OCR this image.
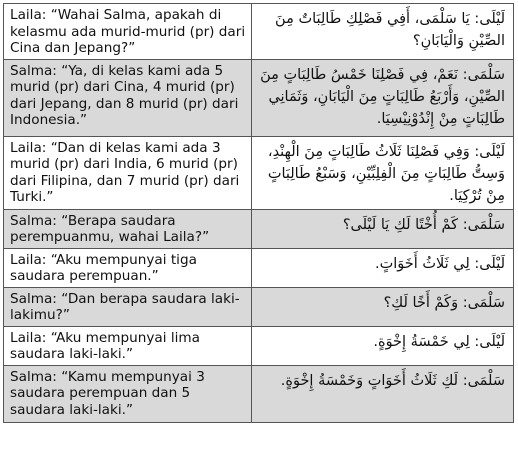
Laila: “Wahai Salma, apakah di kelasmu ada murid-murid (pr) dari Cina dan Jepang?”	لَيْلَى: يَا سَلْمَى، أَفِي فَصْلِكِ طَالِبَاتٌ مِنَ الصِّيْنِ وَالْيَابَانِ؟
Salma: “Ya, di kelas kami ada 5 murid (pr) dari Cina, 4 murid (pr) dari Jepang, dan 8 murid (pr) dari Indonesia.”	سَلْمَى: نَعَمْ، فِي فَصْلِنَا خَمْسُ طَالِبَاتٍ مِنَ الصِّيْنِ، وَأَرْبَعُ طَالِبَاتٍ مِنَ الْيَابَانِ، وَثَمَانِي طَالِبَاتٍ مِنْ إِنْدُوْنِيْسِيَا.
Laila: “Dan di kelas kami ada 3 murid (pr) dari India, 6 murid (pr) dari Filipina, dan 7 murid (pr) dari Turki.”	لَيْلَى: وَفِي فَصْلِنَا ثَلَاثُ طَالِبَاتٍ مِنَ الْهِنْدِ، وَسِتُّ طَالِبَاتٍ مِنَ الْفِلِبِّيْنِ، وَسَبْعُ طَالِبَاتٍ مِنْ تُرْكِيَا.
Salma: “Berapa saudara perempuanmu, wahai Laila?”	سَلْمَى: كَمْ أُخْتًا لَكِ يَا لَيْلَى؟
Laila: “Aku mempunyai tiga saudara perempuan.”	لَيْلَى: لِي ثَلَاثُ أَخَوَاتٍ.
Salma: “Dan berapa saudara laki-lakimu?”	سَلْمَى: وَكَمْ أَخًا لَكِ؟
Laila: “Aku mempunyai lima saudara laki-laki.”	لَيْلَى: لِي خَمْسَةُ إِخْوَةٍ.
Salma: “Kamu mempunyai 3 saudara perempuan dan 5 saudara laki-laki.”	سَلْمَى: لَكِ ثَلَاثُ أَخَوَاتٍ وَخَمْسَةُ إِخْوَةٍ.
